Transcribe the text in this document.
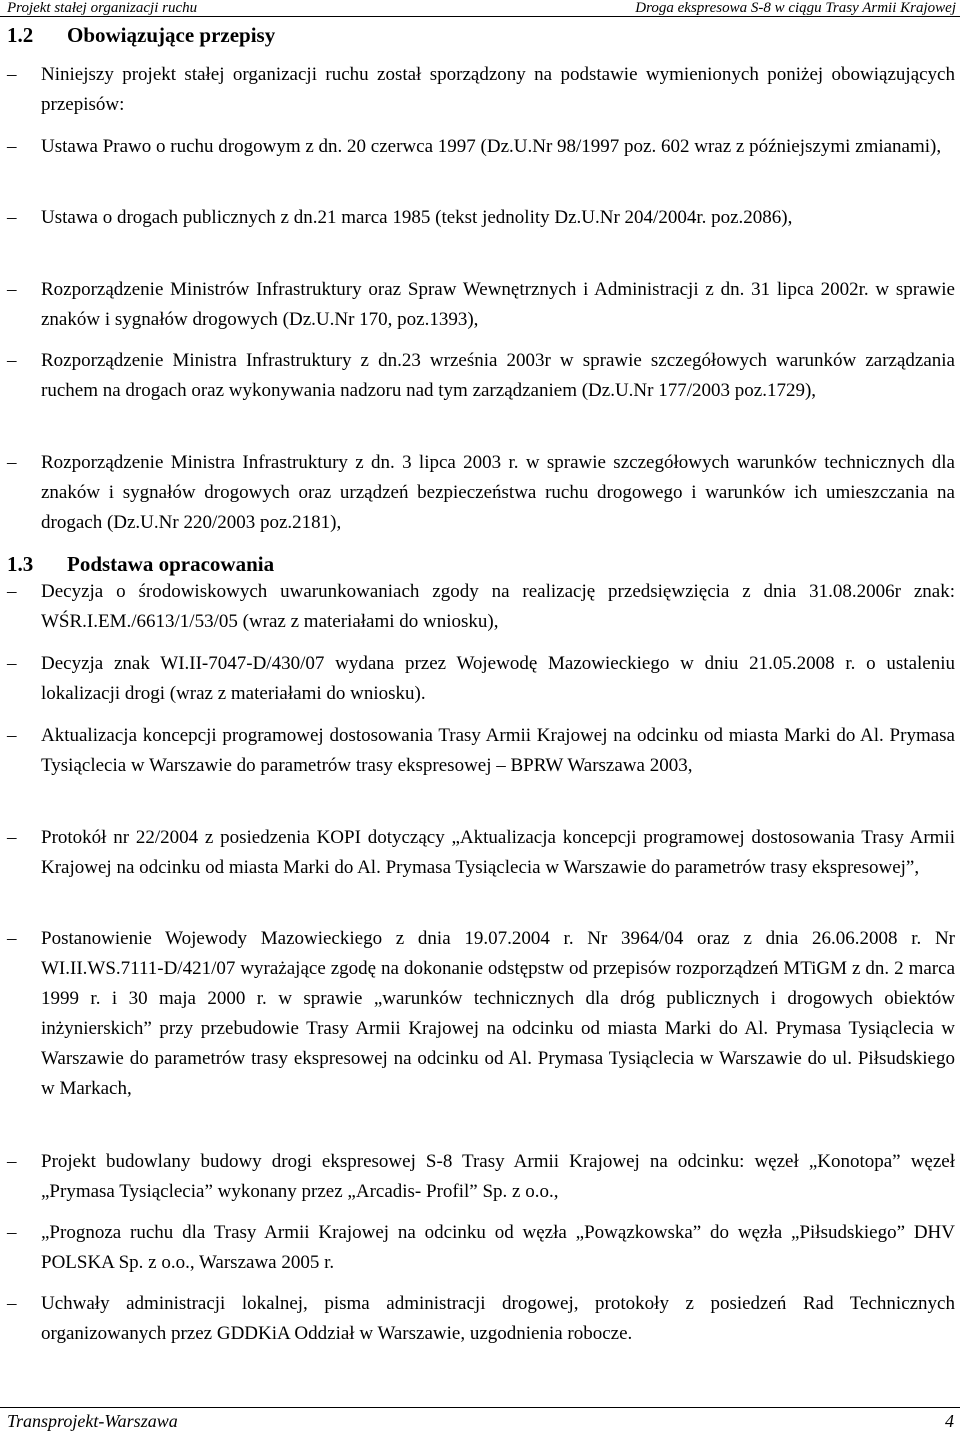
Projekt stałej organizacji ruchu	Droga ekspresowa S-8 w ciągu Trasy Armii Krajowej
1.2 Obowiązujące przepisy
–	Niniejszy projekt stałej organizacji ruchu został sporządzony na podstawie wymienionych poniżej obowiązujących przepisów:
–	Ustawa Prawo o ruchu drogowym z dn. 20 czerwca 1997 (Dz.U.Nr 98/1997 poz. 602 wraz z późniejszymi zmianami),
–	Ustawa o drogach publicznych z dn.21 marca 1985 (tekst jednolity Dz.U.Nr 204/2004r. poz.2086),
–	Rozporządzenie Ministrów Infrastruktury oraz Spraw Wewnętrznych i Administracji z dn. 31 lipca 2002r. w sprawie znaków i sygnałów drogowych (Dz.U.Nr 170, poz.1393),
–	Rozporządzenie Ministra Infrastruktury z dn.23 września 2003r w sprawie szczegółowych warunków zarządzania ruchem na drogach oraz wykonywania nadzoru nad tym zarządzaniem (Dz.U.Nr 177/2003 poz.1729),
–	Rozporządzenie Ministra Infrastruktury z dn. 3 lipca 2003 r. w sprawie szczegółowych warunków technicznych dla znaków i sygnałów drogowych oraz urządzeń bezpieczeństwa ruchu drogowego i warunków ich umieszczania na drogach (Dz.U.Nr 220/2003 poz.2181),
1.3 Podstawa opracowania
–	Decyzja o środowiskowych uwarunkowaniach zgody na realizację przedsięwzięcia z dnia 31.08.2006r znak: WŚR.I.EM./6613/1/53/05 (wraz z materiałami do wniosku),
–	Decyzja znak WI.II-7047-D/430/07 wydana przez Wojewodę Mazowieckiego w dniu 21.05.2008 r. o ustaleniu lokalizacji drogi (wraz z materiałami do wniosku).
–	Aktualizacja koncepcji programowej dostosowania Trasy Armii Krajowej na odcinku od miasta Marki do Al. Prymasa Tysiąclecia w Warszawie do parametrów trasy ekspresowej – BPRW Warszawa 2003,
–	Protokół nr 22/2004 z posiedzenia KOPI dotyczący „Aktualizacja koncepcji programowej dostosowania Trasy Armii Krajowej na odcinku od miasta Marki do Al. Prymasa Tysiąclecia w Warszawie do parametrów trasy ekspresowej”,
–	Postanowienie Wojewody Mazowieckiego z dnia 19.07.2004 r. Nr 3964/04 oraz z dnia 26.06.2008 r. Nr WI.II.WS.7111-D/421/07 wyrażające zgodę na dokonanie odstępstw od przepisów rozporządzeń MTiGM z dn. 2 marca 1999 r. i 30 maja 2000 r. w sprawie „warunków technicznych dla dróg publicznych i drogowych obiektów inżynierskich” przy przebudowie Trasy Armii Krajowej na odcinku od miasta Marki do Al. Prymasa Tysiąclecia w Warszawie do parametrów trasy ekspresowej na odcinku od Al. Prymasa Tysiąclecia w Warszawie do ul. Piłsudskiego w Markach,
–	Projekt budowlany budowy drogi ekspresowej S-8 Trasy Armii Krajowej na odcinku: węzeł „Konotopa” węzeł „Prymasa Tysiąclecia” wykonany przez „Arcadis- Profil” Sp. z o.o.,
–	„Prognoza ruchu dla Trasy Armii Krajowej na odcinku od węzła „Powązkowska” do węzła „Piłsudskiego” DHV POLSKA Sp. z o.o., Warszawa 2005 r.
–	Uchwały administracji lokalnej, pisma administracji drogowej, protokoły z posiedzeń Rad Technicznych organizowanych przez GDDKiA Oddział w Warszawie, uzgodnienia robocze.
Transprojekt-Warszawa	4
